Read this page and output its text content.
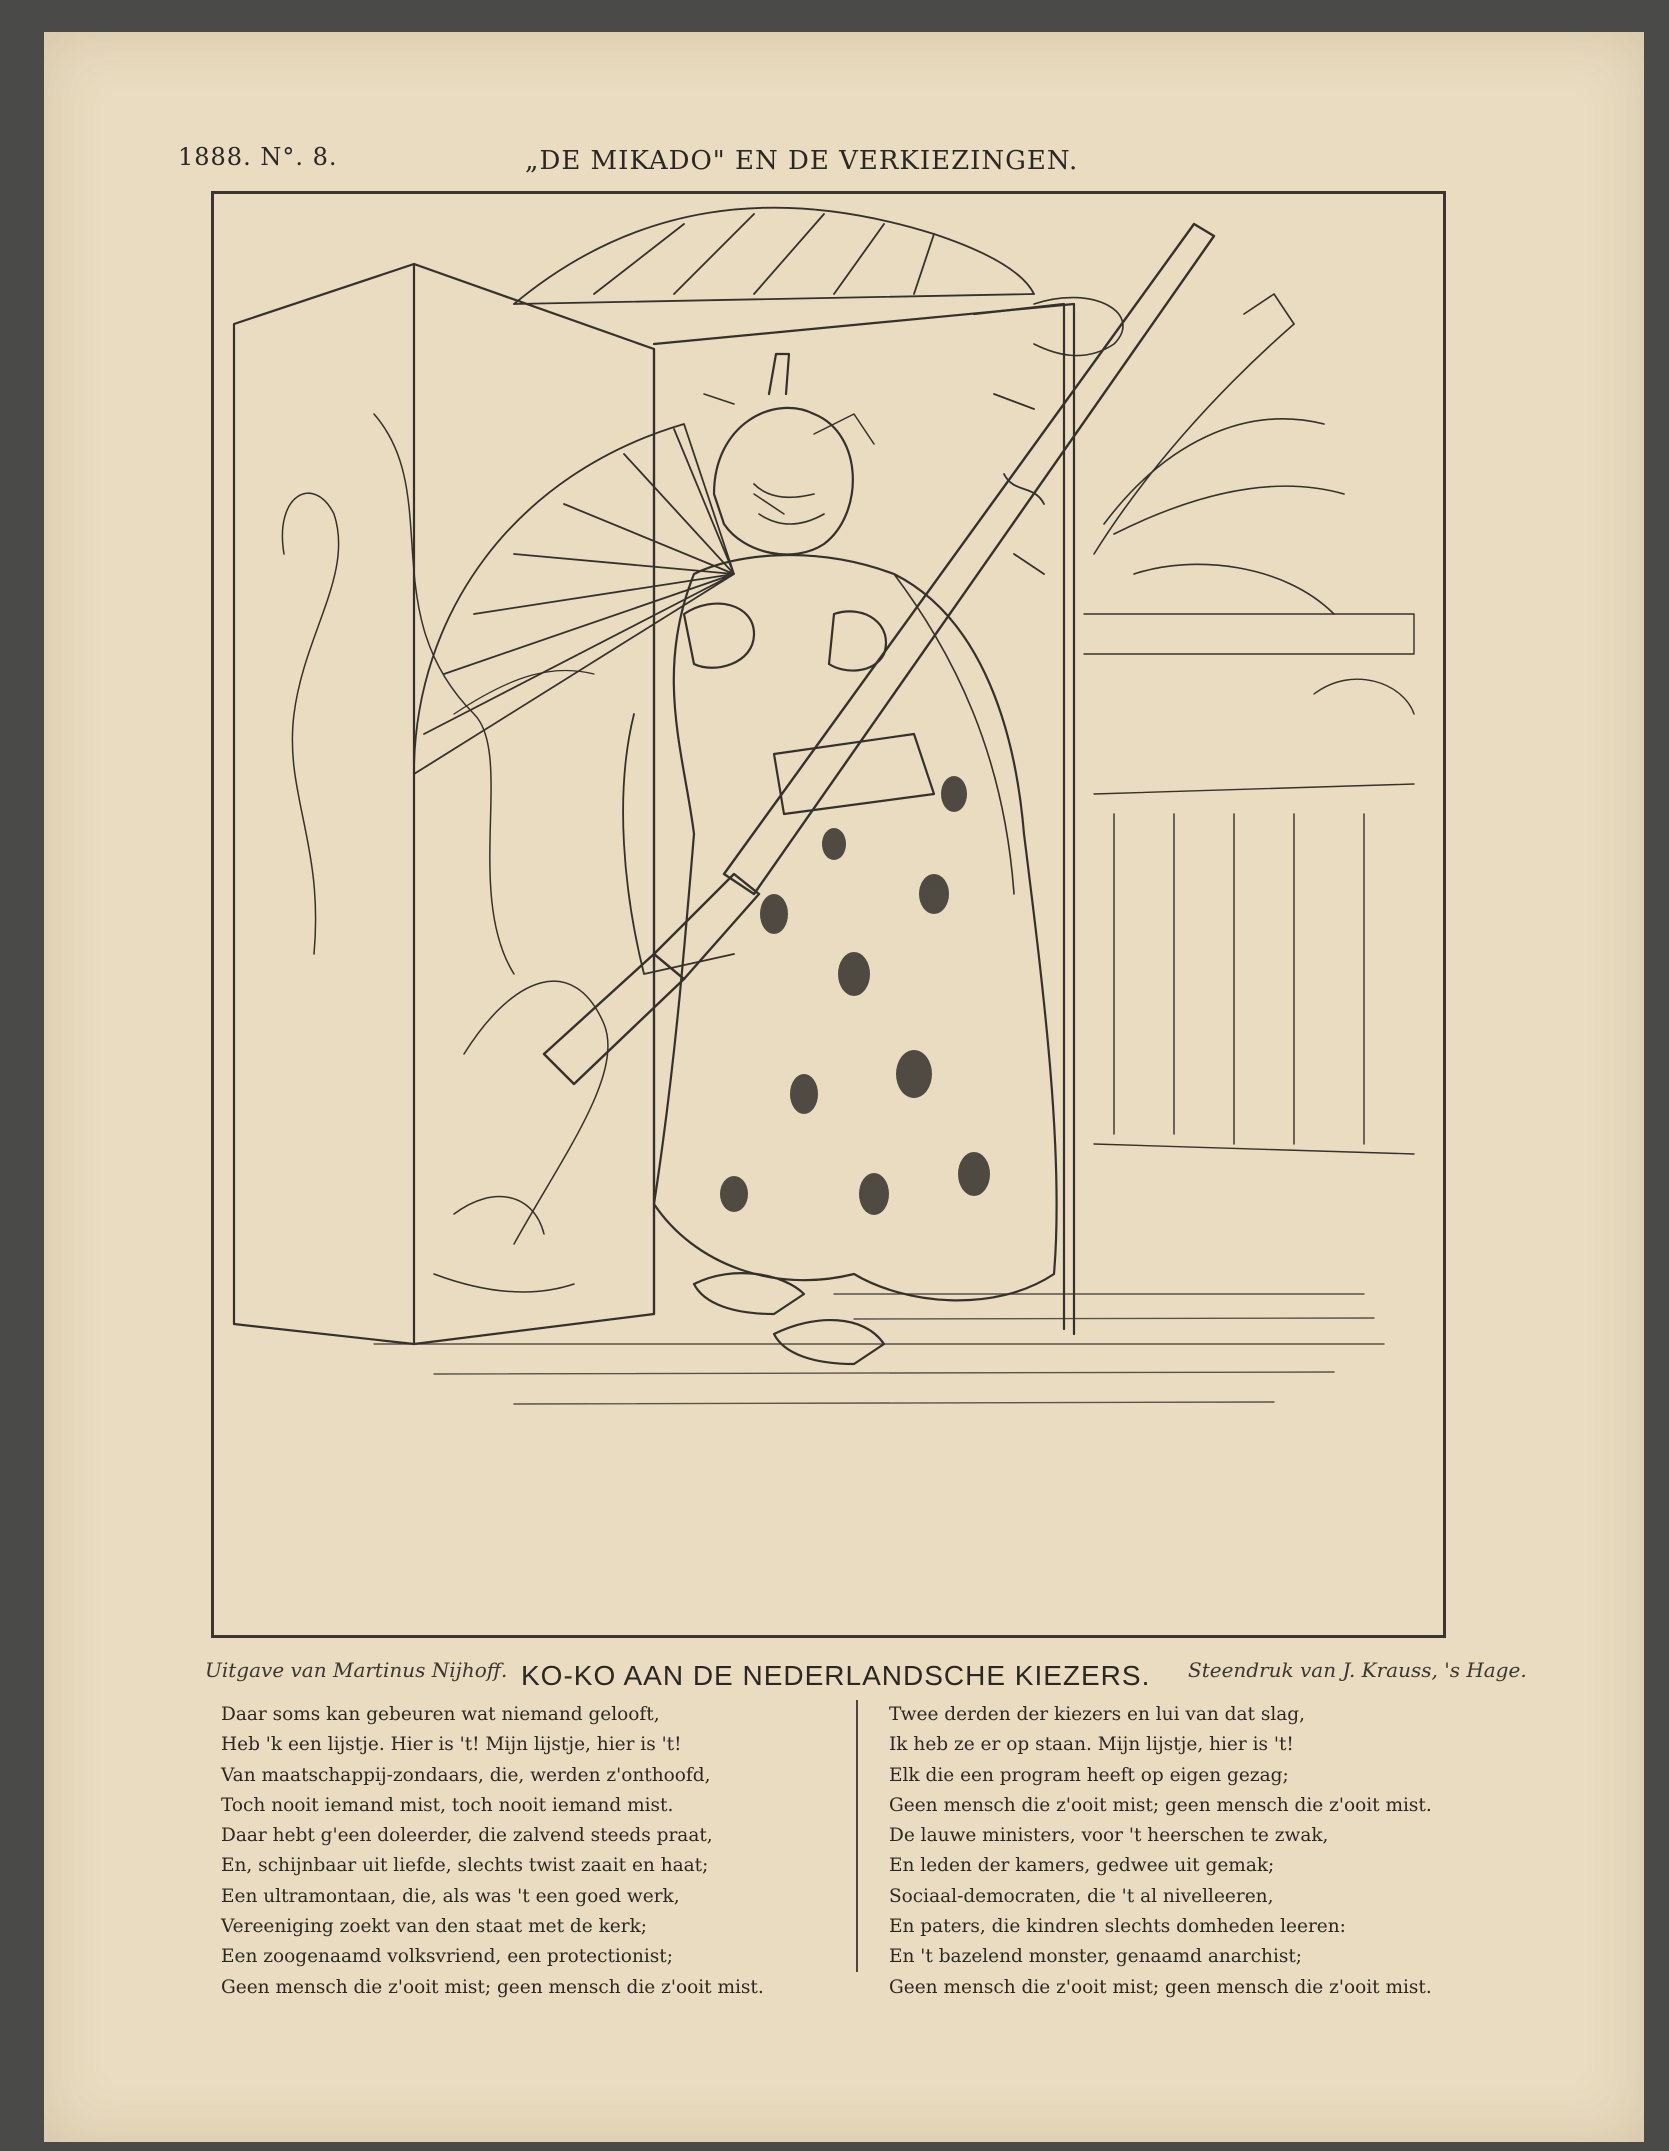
1888. N°. 8.	„DE MIKADO" EN DE VERKIEZINGEN.
Uitgave van Martinus Nijhoff. KO-KO AAN DE NEDERLANDSCHE KIEZERS. Steendruk van J. Krauss, 's Hage.
Daar soms kan gebeuren wat niemand gelooft,
Heb 'k een lijstje. Hier is 't! Mijn lijstje, hier is 't!
Van maatschappij-zondaars, die, werden z'onthoofd,
Toch nooit iemand mist, toch nooit iemand mist.
Daar hebt g'een doleerder, die zalvend steeds praat,
En, schijnbaar uit liefde, slechts twist zaait en haat;
Een ultramontaan, die, als was 't een goed werk,
Vereeniging zoekt van den staat met de kerk;
Een zoogenaamd volksvriend, een protectionist;
Geen mensch die z'ooit mist; geen mensch die z'ooit mist.
Twee derden der kiezers en lui van dat slag,
Ik heb ze er op staan. Mijn lijstje, hier is 't!
Elk die een program heeft op eigen gezag;
Geen mensch die z'ooit mist; geen mensch die z'ooit mist.
De lauwe ministers, voor 't heerschen te zwak,
En leden der kamers, gedwee uit gemak;
Sociaal-democraten, die 't al nivelleeren,
En paters, die kindren slechts domheden leeren:
En 't bazelend monster, genaamd anarchist;
Geen mensch die z'ooit mist; geen mensch die z'ooit mist.
